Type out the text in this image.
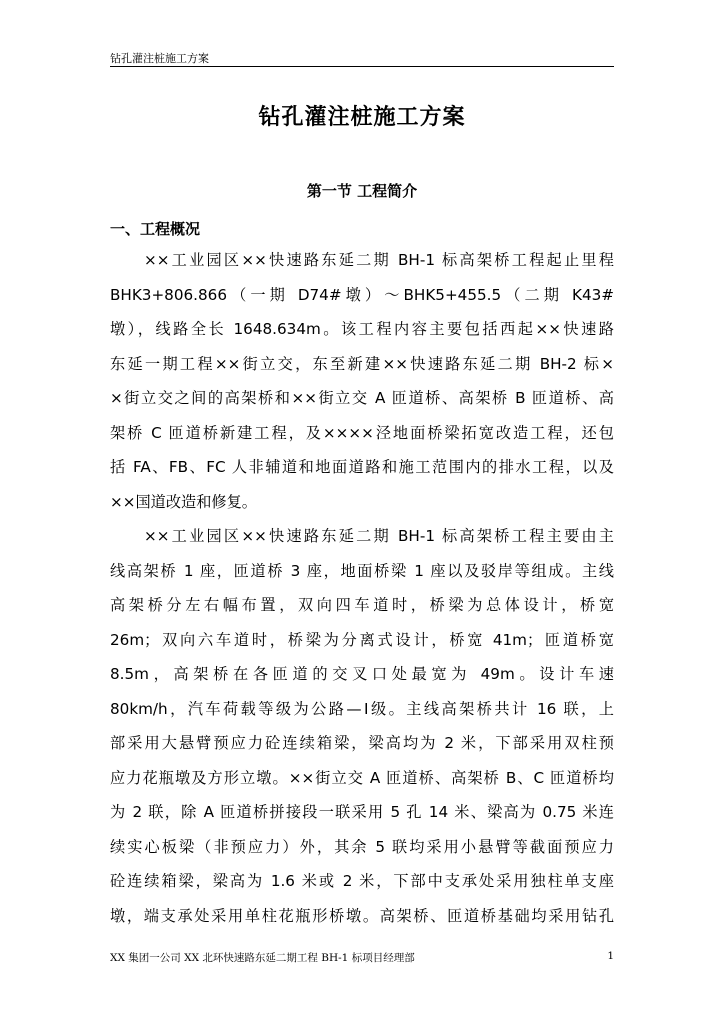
钻孔灌注桩施工方案
钻孔灌注桩施工方案
第一节 工程简介
一、工程概况
××工业园区××快速路东延二期 BH-1 标高架桥工程起止里程
BHK3+806.866（一期 D74#墩）～BHK5+455.5（二期 K43#
墩），线路全长 1648.634m。该工程内容主要包括西起××快速路
东延一期工程××街立交，东至新建××快速路东延二期 BH-2 标×
×街立交之间的高架桥和××街立交 A 匝道桥、高架桥 B 匝道桥、高
架桥 C 匝道桥新建工程，及××××泾地面桥梁拓宽改造工程，还包
括 FA、FB、FC 人非辅道和地面道路和施工范围内的排水工程，以及
××国道改造和修复。
××工业园区××快速路东延二期 BH-1 标高架桥工程主要由主
线高架桥 1 座，匝道桥 3 座，地面桥梁 1 座以及驳岸等组成。主线
高架桥分左右幅布置，双向四车道时，桥梁为总体设计，桥宽
26m；双向六车道时，桥梁为分离式设计，桥宽 41m；匝道桥宽
8.5m，高架桥在各匝道的交叉口处最宽为 49m。设计车速
80km/h，汽车荷载等级为公路—Ⅰ级。主线高架桥共计 16 联，上
部采用大悬臂预应力砼连续箱梁，梁高均为 2 米，下部采用双柱预
应力花瓶墩及方形立墩。××街立交 A 匝道桥、高架桥 B、C 匝道桥均
为 2 联，除 A 匝道桥拼接段一联采用 5 孔 14 米、梁高为 0.75 米连
续实心板梁（非预应力）外，其余 5 联均采用小悬臂等截面预应力
砼连续箱梁，梁高为 1.6 米或 2 米，下部中支承处采用独柱单支座
墩，端支承处采用单柱花瓶形桥墩。高架桥、匝道桥基础均采用钻孔
XX 集团一公司 XX 北环快速路东延二期工程 BH-1 标项目经理部	1
